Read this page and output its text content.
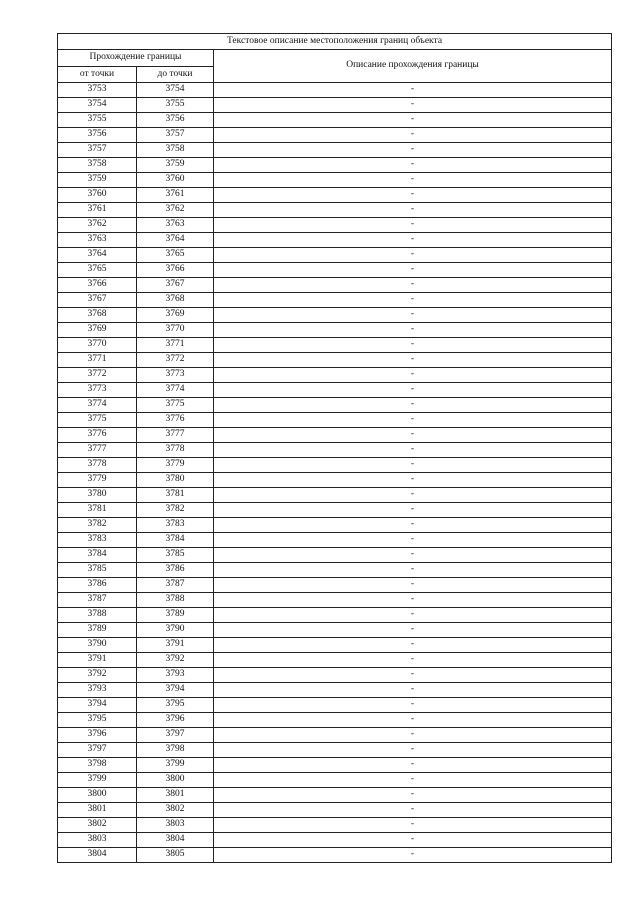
Текстовое описание местоположения границ объекта		
Прохождение границы		Описание прохождения границы
от точки	до точки	
3753	3754	-
3754	3755	-
3755	3756	-
3756	3757	-
3757	3758	-
3758	3759	-
3759	3760	-
3760	3761	-
3761	3762	-
3762	3763	-
3763	3764	-
3764	3765	-
3765	3766	-
3766	3767	-
3767	3768	-
3768	3769	-
3769	3770	-
3770	3771	-
3771	3772	-
3772	3773	-
3773	3774	-
3774	3775	-
3775	3776	-
3776	3777	-
3777	3778	-
3778	3779	-
3779	3780	-
3780	3781	-
3781	3782	-
3782	3783	-
3783	3784	-
3784	3785	-
3785	3786	-
3786	3787	-
3787	3788	-
3788	3789	-
3789	3790	-
3790	3791	-
3791	3792	-
3792	3793	-
3793	3794	-
3794	3795	-
3795	3796	-
3796	3797	-
3797	3798	-
3798	3799	-
3799	3800	-
3800	3801	-
3801	3802	-
3802	3803	-
3803	3804	-
3804	3805	-
